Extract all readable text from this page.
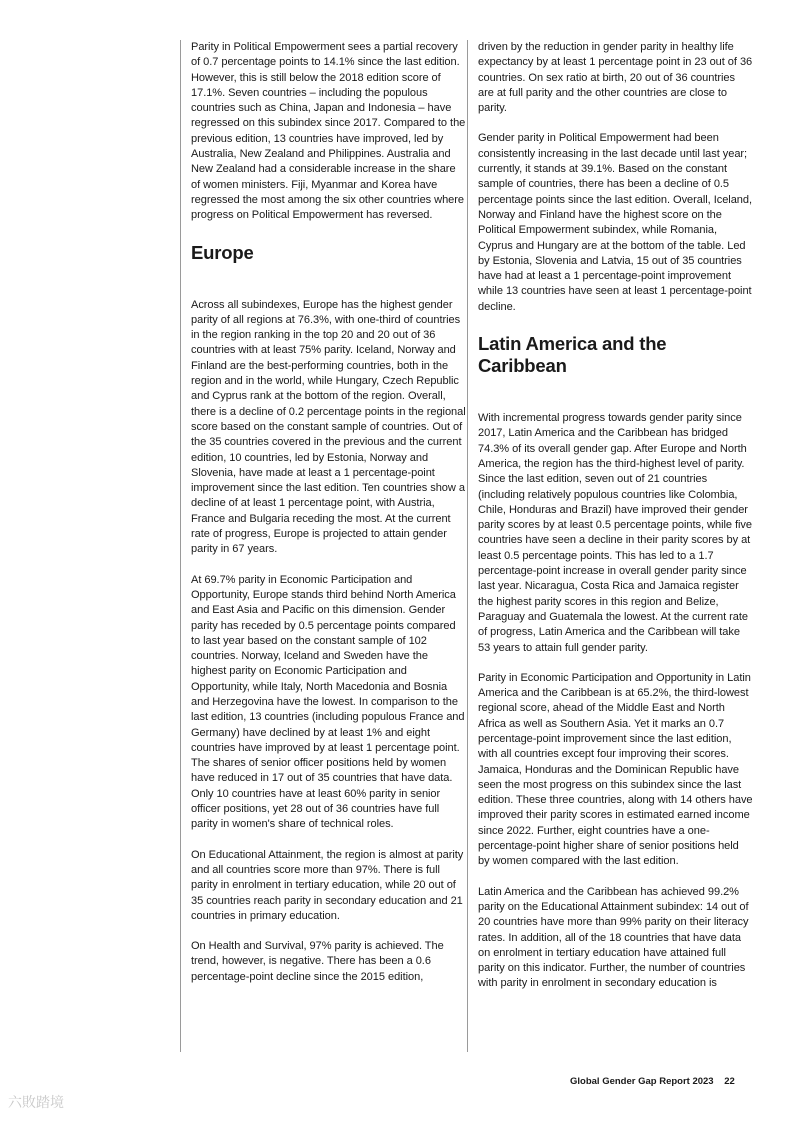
Parity in Political Empowerment sees a partial recovery of 0.7 percentage points to 14.1% since the last edition. However, this is still below the 2018 edition score of 17.1%. Seven countries – including the populous countries such as China, Japan and Indonesia – have regressed on this subindex since 2017. Compared to the previous edition, 13 countries have improved, led by Australia, New Zealand and Philippines. Australia and New Zealand had a considerable increase in the share of women ministers. Fiji, Myanmar and Korea have regressed the most among the six other countries where progress on Political Empowerment has reversed.

Europe

Across all subindexes, Europe has the highest gender parity of all regions at 76.3%, with one-third of countries in the region ranking in the top 20 and 20 out of 36 countries with at least 75% parity. Iceland, Norway and Finland are the best-performing countries, both in the region and in the world, while Hungary, Czech Republic and Cyprus rank at the bottom of the region. Overall, there is a decline of 0.2 percentage points in the regional score based on the constant sample of countries. Out of the 35 countries covered in the previous and the current edition, 10 countries, led by Estonia, Norway and Slovenia, have made at least a 1 percentage-point improvement since the last edition. Ten countries show a decline of at least 1 percentage point, with Austria, France and Bulgaria receding the most. At the current rate of progress, Europe is projected to attain gender parity in 67 years.

At 69.7% parity in Economic Participation and Opportunity, Europe stands third behind North America and East Asia and Pacific on this dimension. Gender parity has receded by 0.5 percentage points compared to last year based on the constant sample of 102 countries. Norway, Iceland and Sweden have the highest parity on Economic Participation and Opportunity, while Italy, North Macedonia and Bosnia and Herzegovina have the lowest. In comparison to the last edition, 13 countries (including populous France and Germany) have declined by at least 1% and eight countries have improved by at least 1 percentage point. The shares of senior officer positions held by women have reduced in 17 out of 35 countries that have data. Only 10 countries have at least 60% parity in senior officer positions, yet 28 out of 36 countries have full parity in women's share of technical roles.

On Educational Attainment, the region is almost at parity and all countries score more than 97%. There is full parity in enrolment in tertiary education, while 20 out of 35 countries reach parity in secondary education and 21 countries in primary education.

On Health and Survival, 97% parity is achieved. The trend, however, is negative. There has been a 0.6 percentage-point decline since the 2015 edition,

driven by the reduction in gender parity in healthy life expectancy by at least 1 percentage point in 23 out of 36 countries. On sex ratio at birth, 20 out of 36 countries are at full parity and the other countries are close to parity.

Gender parity in Political Empowerment had been consistently increasing in the last decade until last year; currently, it stands at 39.1%. Based on the constant sample of countries, there has been a decline of 0.5 percentage points since the last edition. Overall, Iceland, Norway and Finland have the highest score on the Political Empowerment subindex, while Romania, Cyprus and Hungary are at the bottom of the table. Led by Estonia, Slovenia and Latvia, 15 out of 35 countries have had at least a 1 percentage-point improvement while 13 countries have seen at least 1 percentage-point decline.

Latin America and the Caribbean

With incremental progress towards gender parity since 2017, Latin America and the Caribbean has bridged 74.3% of its overall gender gap. After Europe and North America, the region has the third-highest level of parity. Since the last edition, seven out of 21 countries (including relatively populous countries like Colombia, Chile, Honduras and Brazil) have improved their gender parity scores by at least 0.5 percentage points, while five countries have seen a decline in their parity scores by at least 0.5 percentage points. This has led to a 1.7 percentage-point increase in overall gender parity since last year. Nicaragua, Costa Rica and Jamaica register the highest parity scores in this region and Belize, Paraguay and Guatemala the lowest. At the current rate of progress, Latin America and the Caribbean will take 53 years to attain full gender parity.

Parity in Economic Participation and Opportunity in Latin America and the Caribbean is at 65.2%, the third-lowest regional score, ahead of the Middle East and North Africa as well as Southern Asia. Yet it marks an 0.7 percentage-point improvement since the last edition, with all countries except four improving their scores. Jamaica, Honduras and the Dominican Republic have seen the most progress on this subindex since the last edition. These three countries, along with 14 others have improved their parity scores in estimated earned income since 2022. Further, eight countries have a one-percentage-point higher share of senior positions held by women compared with the last edition.

Latin America and the Caribbean has achieved 99.2% parity on the Educational Attainment subindex: 14 out of 20 countries have more than 99% parity on their literacy rates. In addition, all of the 18 countries that have data on enrolment in tertiary education have attained full parity on this indicator. Further, the number of countries with parity in enrolment in secondary education is

Global Gender Gap Report 2023 22
六敗踏境
